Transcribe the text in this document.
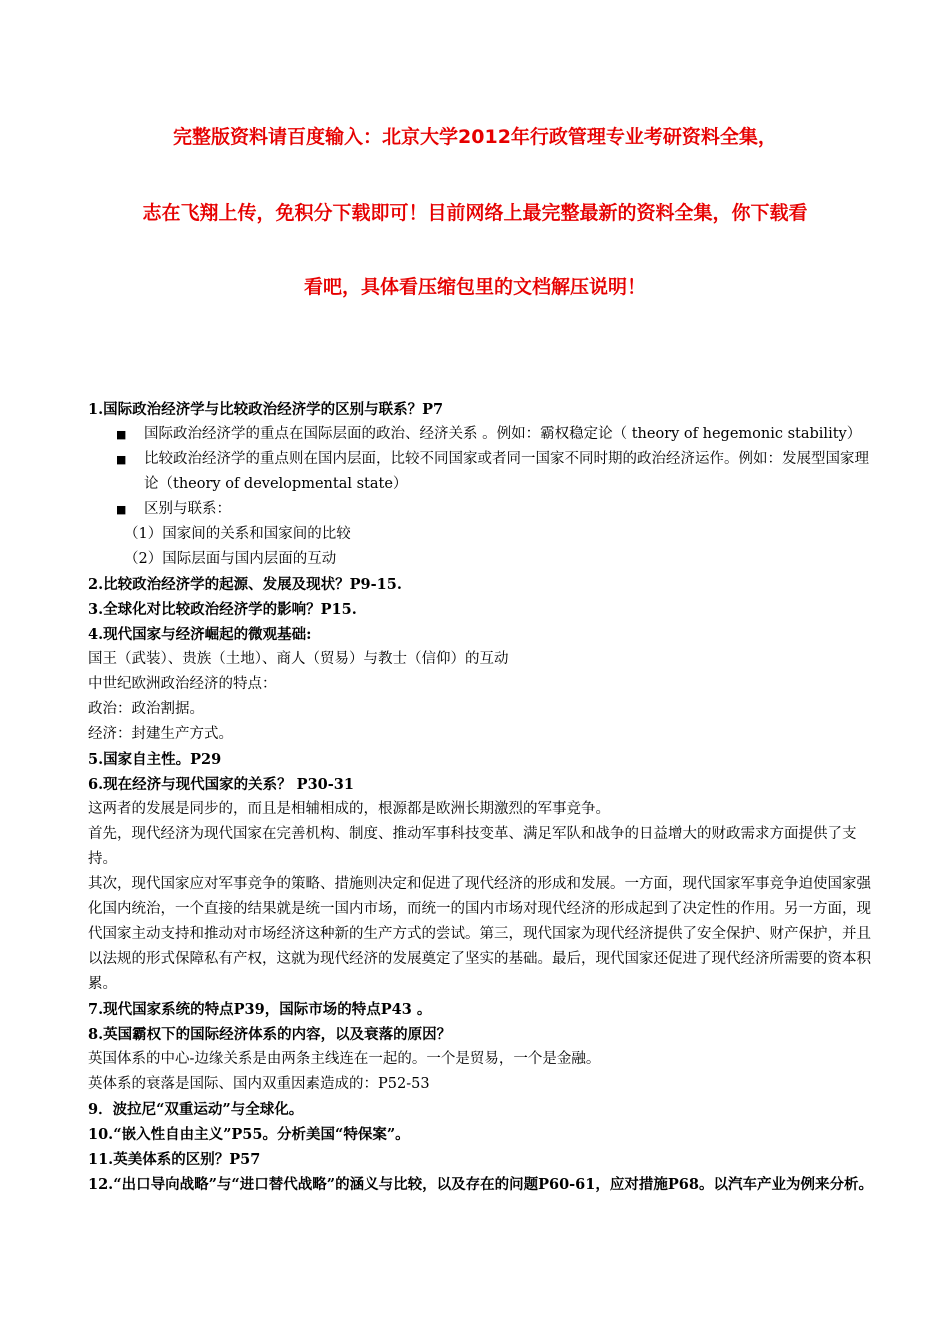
完整版资料请百度输入：北京大学2012年行政管理专业考研资料全集，
志在飞翔上传，免积分下载即可！目前网络上最完整最新的资料全集，你下载看
看吧，具体看压缩包里的文档解压说明！

1.国际政治经济学与比较政治经济学的区别与联系？P7

■ 国际政治经济学的重点在国际层面的政治、经济关系 。例如：霸权稳定论（ theory of hegemonic stability）

■ 比较政治经济学的重点则在国内层面，比较不同国家或者同一国家不同时期的政治经济运作。例如：发展型国家理论（theory of developmental state）

■ 区别与联系：

（1）国家间的关系和国家间的比较

（2）国际层面与国内层面的互动

2.比较政治经济学的起源、发展及现状？P9-15.

3.全球化对比较政治经济学的影响？P15.

4.现代国家与经济崛起的微观基础:

国王（武装）、贵族（土地）、商人（贸易）与教士（信仰）的互动

中世纪欧洲政治经济的特点：

政治：政治割据。

经济：封建生产方式。

5.国家自主性。P29

6.现在经济与现代国家的关系？ P30-31

这两者的发展是同步的，而且是相辅相成的，根源都是欧洲长期激烈的军事竞争。

首先，现代经济为现代国家在完善机构、制度、推动军事科技变革、满足军队和战争的日益增大的财政需求方面提供了支持。

其次，现代国家应对军事竞争的策略、措施则决定和促进了现代经济的形成和发展。一方面，现代国家军事竞争迫使国家强化国内统治，一个直接的结果就是统一国内市场，而统一的国内市场对现代经济的形成起到了决定性的作用。另一方面，现代国家主动支持和推动对市场经济这种新的生产方式的尝试。第三，现代国家为现代经济提供了安全保护、财产保护，并且以法规的形式保障私有产权，这就为现代经济的发展奠定了坚实的基础。最后，现代国家还促进了现代经济所需要的资本积累。

7.现代国家系统的特点P39，国际市场的特点P43 。

8.英国霸权下的国际经济体系的内容，以及衰落的原因？

英国体系的中心-边缘关系是由两条主线连在一起的。一个是贸易，一个是金融。

英体系的衰落是国际、国内双重因素造成的：P52-53

9．波拉尼“双重运动”与全球化。

10.“嵌入性自由主义”P55。分析美国“特保案”。

11.英美体系的区别？P57

12.“出口导向战略”与“进口替代战略”的涵义与比较，以及存在的问题P60-61，应对措施P68。以汽车产业为例来分析。
